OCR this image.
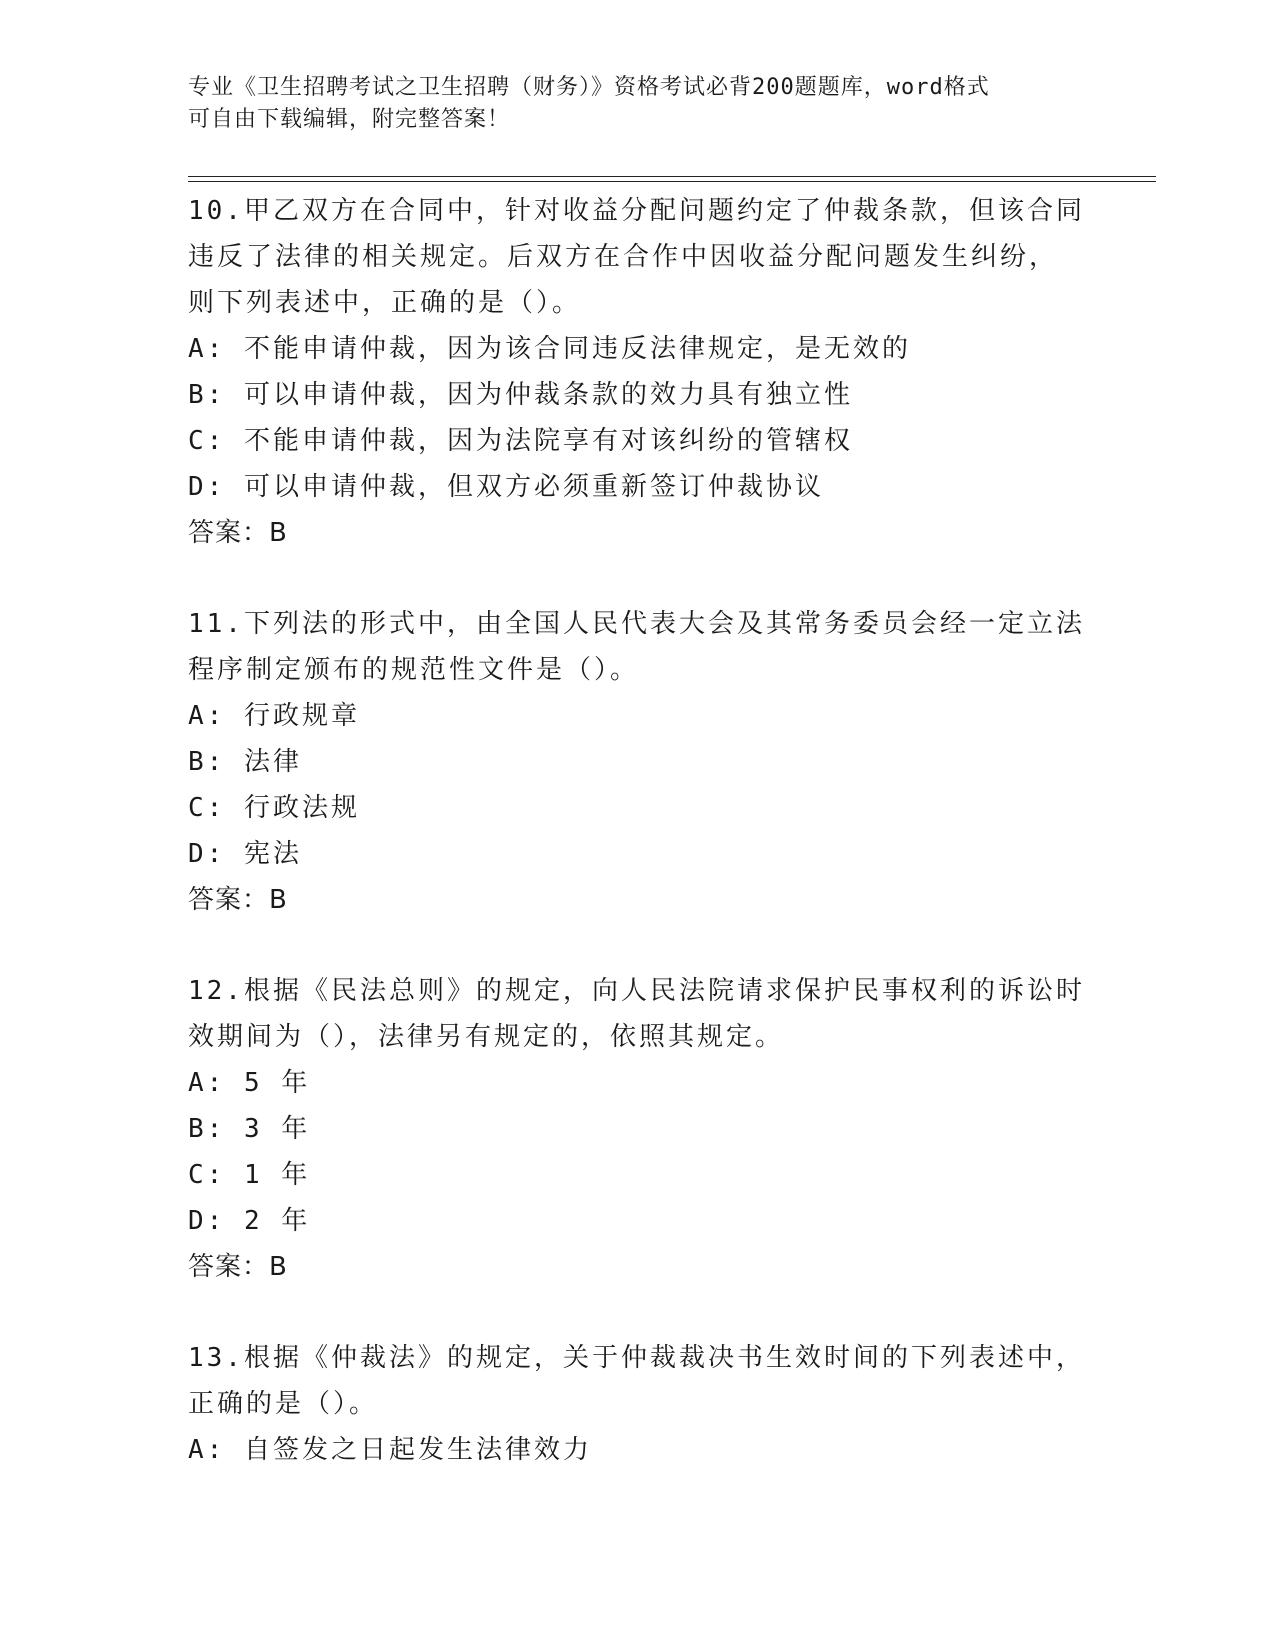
专业《卫生招聘考试之卫生招聘（财务）》资格考试必背200题题库，word格式
可自由下载编辑，附完整答案！
10.甲乙双方在合同中，针对收益分配问题约定了仲裁条款，但该合同
违反了法律的相关规定。后双方在合作中因收益分配问题发生纠纷，
则下列表述中，正确的是（）。
A: 不能申请仲裁，因为该合同违反法律规定，是无效的
B: 可以申请仲裁，因为仲裁条款的效力具有独立性
C: 不能申请仲裁，因为法院享有对该纠纷的管辖权
D: 可以申请仲裁，但双方必须重新签订仲裁协议
答案：B
11.下列法的形式中，由全国人民代表大会及其常务委员会经一定立法
程序制定颁布的规范性文件是（）。
A: 行政规章
B: 法律
C: 行政法规
D: 宪法
答案：B
12.根据《民法总则》的规定，向人民法院请求保护民事权利的诉讼时
效期间为（），法律另有规定的，依照其规定。
A: 5 年
B: 3 年
C: 1 年
D: 2 年
答案：B
13.根据《仲裁法》的规定，关于仲裁裁决书生效时间的下列表述中，
正确的是（）。
A: 自签发之日起发生法律效力
